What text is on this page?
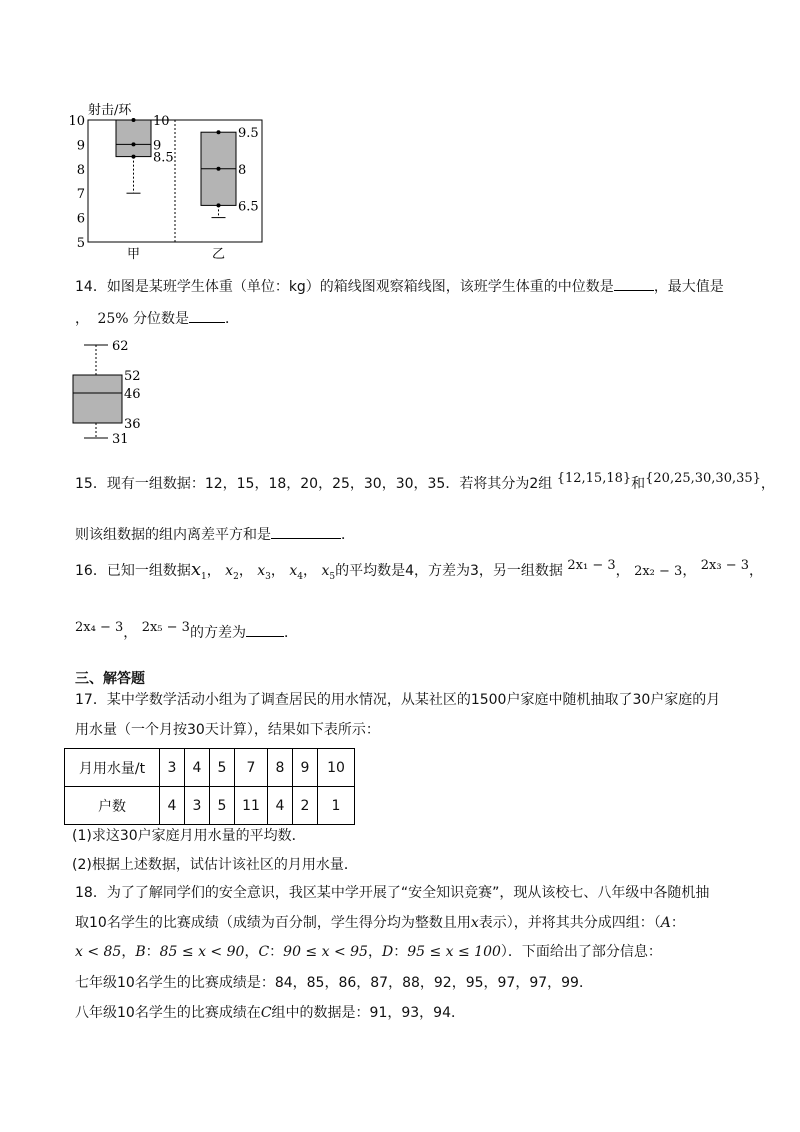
射击/环
5
6
7
8
9
10	10
9
8.5
9.5
8
6.5
甲	乙
14．如图是某班学生体重（单位：kg）的箱线图观察箱线图，该班学生体重的中位数是	，最大值是
， 25% 分位数是	．
62
52
46
36
31
15．现有一组数据：12，15，18，20，25，30，30，35．若将其分为2组 {12,15,18}和{20,25,30,30,35}，
则该组数据的组内离差平方和是	．
16．已知一组数据$x_1$， $x_2$， $x_3$， $x_4$， $x_5$的平均数是4，方差为3，另一组数据 2x₁ − 3， 2x₂ − 3， 2x₃ − 3，
2x₄ − 3， 2x₅ − 3的方差为	．
三、解答题
17．某中学数学活动小组为了调查居民的用水情况，从某社区的1500户家庭中随机抽取了30户家庭的月
用水量（一个月按30天计算），结果如下表所示：
月用水量/t	3	4	5	7	8	9	10
户数	4	3	5	11	4	2	1
(1)求这30户家庭月用水量的平均数．
(2)根据上述数据，试估计该社区的月用水量．
18．为了了解同学们的安全意识，我区某中学开展了“安全知识竞赛”，现从该校七、八年级中各随机抽
取10名学生的比赛成绩（成绩为百分制，学生得分均为整数且用x表示），并将其共分成四组：（A：
x < 85，B：85 ≤ x < 90，C：90 ≤ x < 95，D：95 ≤ x ≤ 100）．下面给出了部分信息：
七年级10名学生的比赛成绩是：84，85，86，87，88，92，95，97，97，99．
八年级10名学生的比赛成绩在C组中的数据是：91，93，94．
